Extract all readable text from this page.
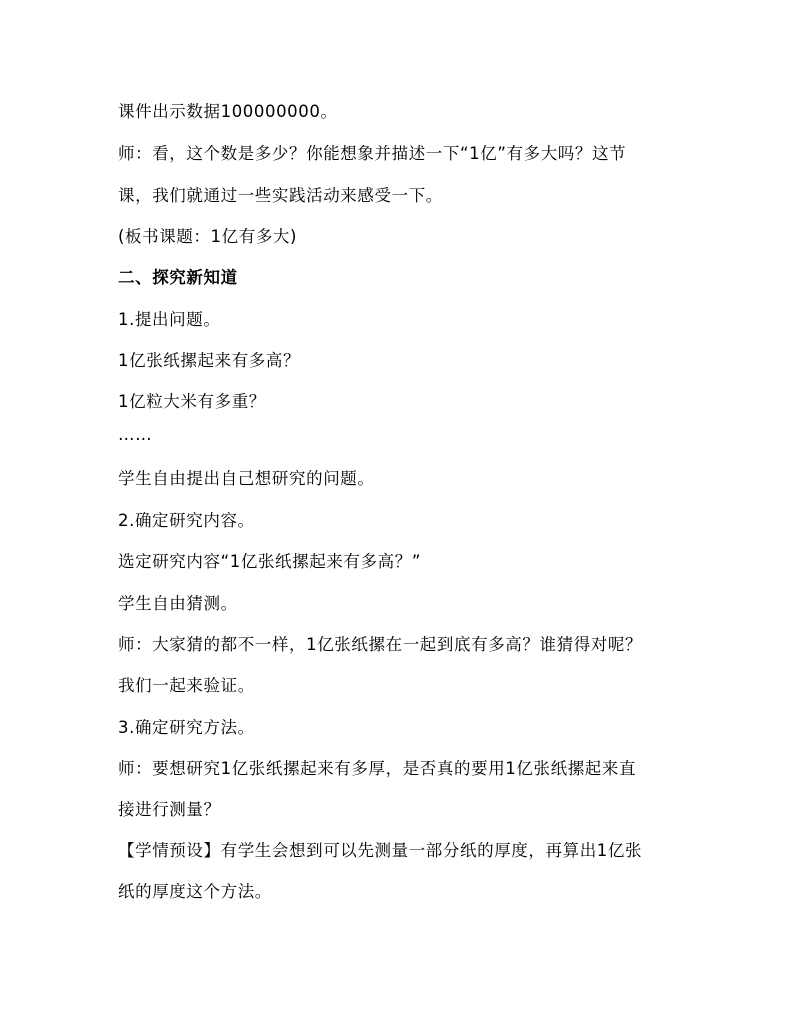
课件出示数据100000000。
师：看，这个数是多少？你能想象并描述一下“1亿”有多大吗？这节
课，我们就通过一些实践活动来感受一下。
(板书课题：1亿有多大)
二、探究新知道
1.提出问题。
1亿张纸摞起来有多高？
1亿粒大米有多重？
……
学生自由提出自己想研究的问题。
2.确定研究内容。
选定研究内容“1亿张纸摞起来有多高？”
学生自由猜测。
师：大家猜的都不一样，1亿张纸摞在一起到底有多高？谁猜得对呢？
我们一起来验证。
3.确定研究方法。
师：要想研究1亿张纸摞起来有多厚，是否真的要用1亿张纸摞起来直
接进行测量？
【学情预设】有学生会想到可以先测量一部分纸的厚度，再算出1亿张
纸的厚度这个方法。
